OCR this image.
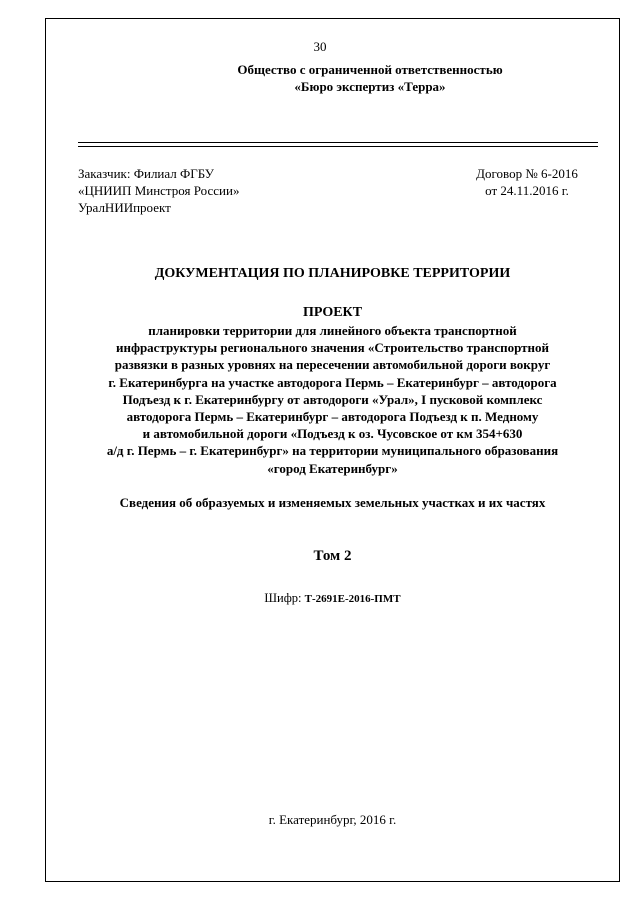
30
Общество с ограниченной ответственностью
«Бюро экспертиз «Терра»
Заказчик: Филиал ФГБУ
«ЦНИИП Минстроя России»
УралНИИпроект
Договор № 6-2016
от 24.11.2016 г.
ДОКУМЕНТАЦИЯ ПО ПЛАНИРОВКЕ ТЕРРИТОРИИ
ПРОЕКТ
планировки территории для линейного объекта транспортной
инфраструктуры регионального значения «Строительство транспортной
развязки в разных уровнях на пересечении автомобильной дороги вокруг
г. Екатеринбурга на участке автодорога Пермь – Екатеринбург – автодорога
Подъезд к г. Екатеринбургу от автодороги «Урал», I пусковой комплекс
автодорога Пермь – Екатеринбург – автодорога Подъезд к п. Медному
и автомобильной дороги «Подъезд к оз. Чусовское от км 354+630
а/д г. Пермь – г. Екатеринбург» на территории муниципального образования
«город Екатеринбург»
Сведения об образуемых и изменяемых земельных участках и их частях
Том 2
Шифр: Т-2691Е-2016-ПМТ
г. Екатеринбург, 2016 г.
